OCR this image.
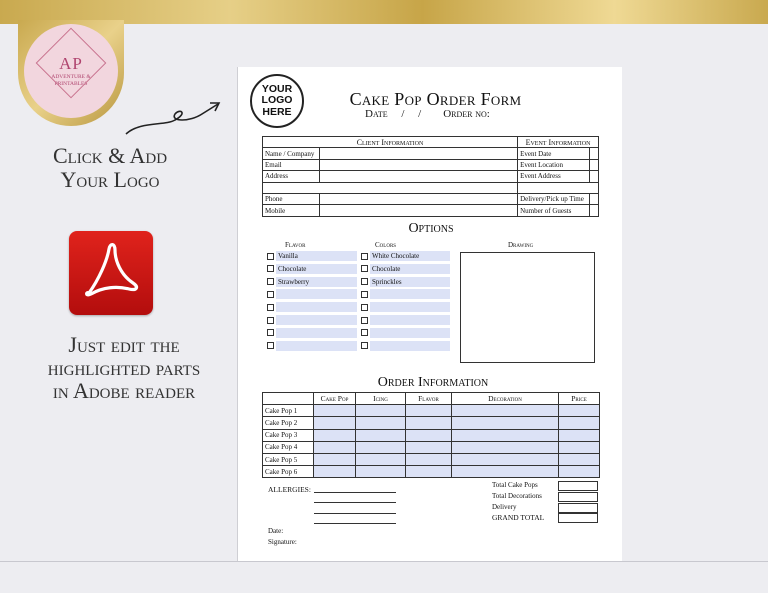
AP
ADVENTURE &
PRINTABLES
Click & Add
Your Logo
Just edit the
highlighted parts
in Adobe reader
YOUR
LOGO
HERE
Cake Pop Order Form
Date     /     /        Order no:
Client Information		Event Information	
Name / Company		Event Date	
Email		Event Location	
Address		Event Address	

Phone		Delivery/Pick up Time	
Mobile		Number of Guests	
Options
Flavor	Colors	Drawing
Vanilla	White Chocolate
Chocolate	Chocolate
Strawberry	Sprinckles
Order Information
	Cake Pop	Icing	Flavor	Decoration	Price
Cake Pop 1					
Cake Pop 2					
Cake Pop 3					
Cake Pop 4					
Cake Pop 5					
Cake Pop 6					
ALLERGIES:
Date:
Signature:
Total Cake Pops
Total Decorations
Delivery
GRAND TOTAL
